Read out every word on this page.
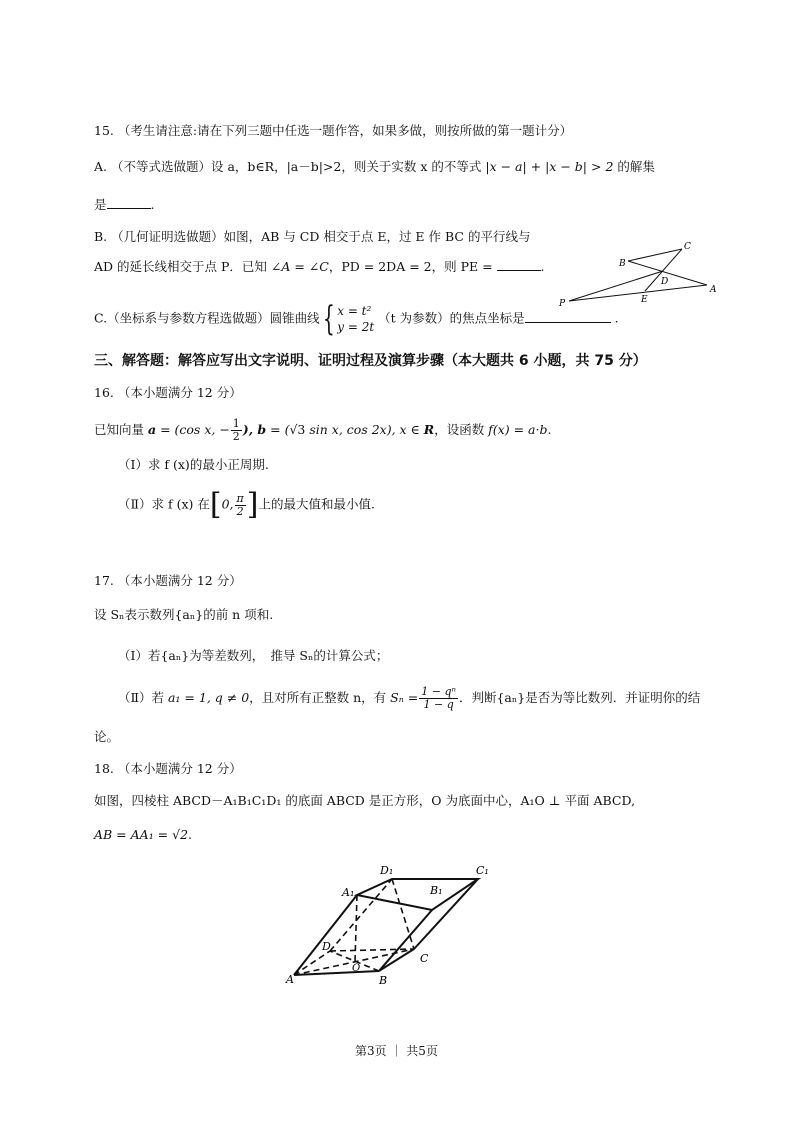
15. （考生请注意:请在下列三题中任选一题作答，如果多做，则按所做的第一题计分）
A. （不等式选做题）设 a，b∈R，|a－b|>2，则关于实数 x 的不等式 |x − a| + |x − b| > 2 的解集
是	.
B. （几何证明选做题）如图，AB 与 CD 相交于点 E，过 E 作 BC 的平行线与
AD 的延长线相交于点 P．已知 ∠A = ∠C，PD = 2DA = 2，则 PE =	.	B
C
D
E
A
P
C.（坐标系与参数方程选做题）圆锥曲线{ x = t²
y = 2t
（t 为参数）的焦点坐标是	.
三、解答题：解答应写出文字说明、证明过程及演算步骤（本大题共 6 小题，共 75 分）
16. （本小题满分 12 分）
已知向量 a = (cos x, − $\frac{1}{2}$ ), b = (√3 sin x, cos 2x), x ∈ R，设函数 f(x) = a·b.
（Ⅰ）求 f (x)的最小正周期.
（Ⅱ）求 f (x) 在[0, $\frac{\pi}{2}$ ]上的最大值和最小值.
17. （本小题满分 12 分）
设 Sₙ表示数列{aₙ}的前 n 项和.
（Ⅰ）若{aₙ}为等差数列，　推导 Sₙ的计算公式；
（Ⅱ）若 a₁ = 1, q ≠ 0，且对所有正整数 n，有 $S_n = \frac{\text{1 − qⁿ}}{1 - q}$ ．判断{aₙ}是否为等比数列．并证明你的结
论。
18. （本小题满分 12 分）
如图，四棱柱 ABCD－A₁B₁C₁D₁ 的底面 ABCD 是正方形，O 为底面中心，A₁O ⊥ 平面 ABCD,
AB = AA₁ = √2.
D₁	C₁
A₁	B₁
D
C
A	B
O
第3页 ｜ 共5页
